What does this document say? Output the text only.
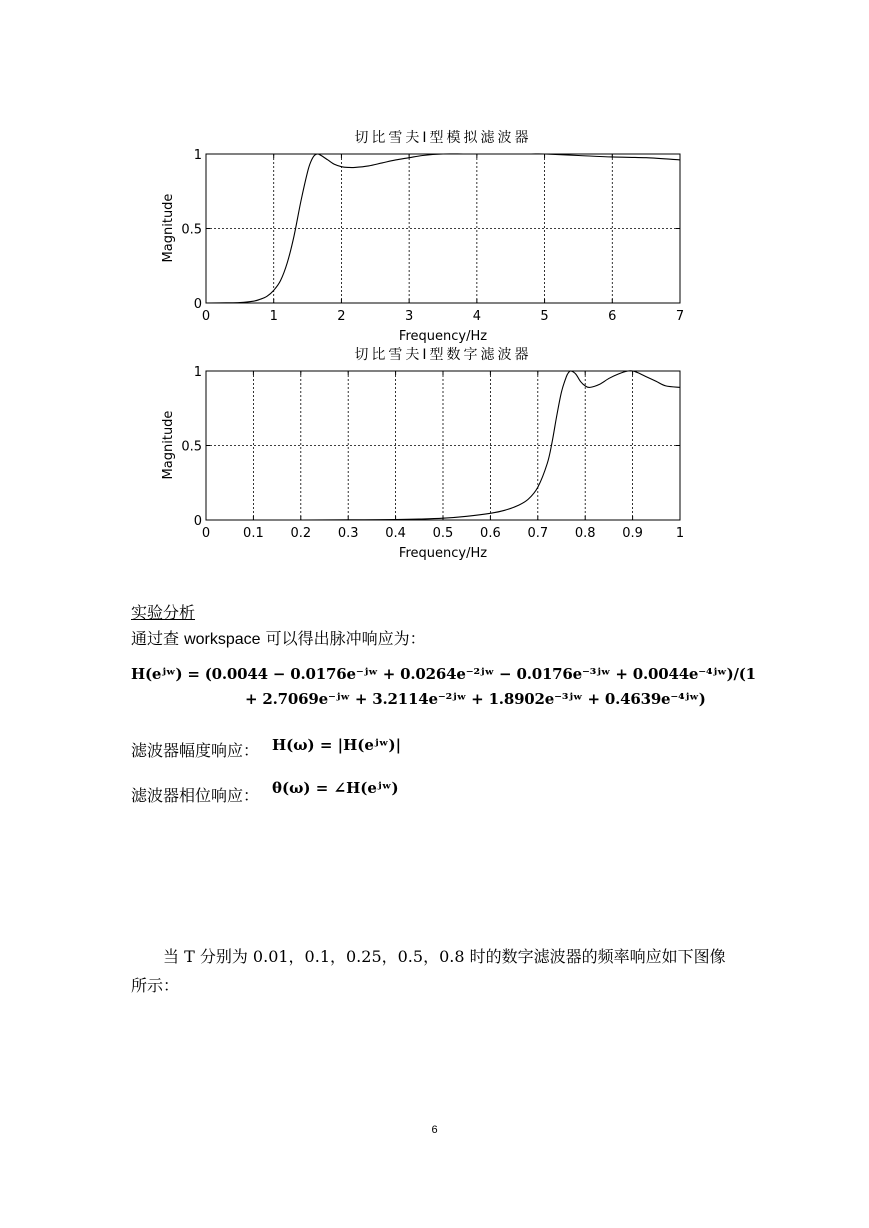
切比雪夫I型模拟滤波器
0	1	2	3	4	5	6	7
0
0.5
1
Frequency/Hz
Magnitude
切比雪夫I型数字滤波器
0	0.1 0.2 0.3 0.4 0.5 0.6 0.7 0.8 0.9	1
0
0.5
1
Frequency/Hz
Magnitude
实验分析
通过查 workspace 可以得出脉冲响应为：
H(eʲʷ) = (0.0044 − 0.0176e⁻ʲʷ + 0.0264e⁻²ʲʷ − 0.0176e⁻³ʲʷ + 0.0044e⁻⁴ʲʷ)/(1
+ 2.7069e⁻ʲʷ + 3.2114e⁻²ʲʷ + 1.8902e⁻³ʲʷ + 0.4639e⁻⁴ʲʷ)
滤波器幅度响应： H(ω) = |H(eʲʷ)|
滤波器相位响应： θ(ω) = ∠H(eʲʷ)
当 T 分别为 0.01，0.1，0.25，0.5，0.8 时的数字滤波器的频率响应如下图像所示：
6
